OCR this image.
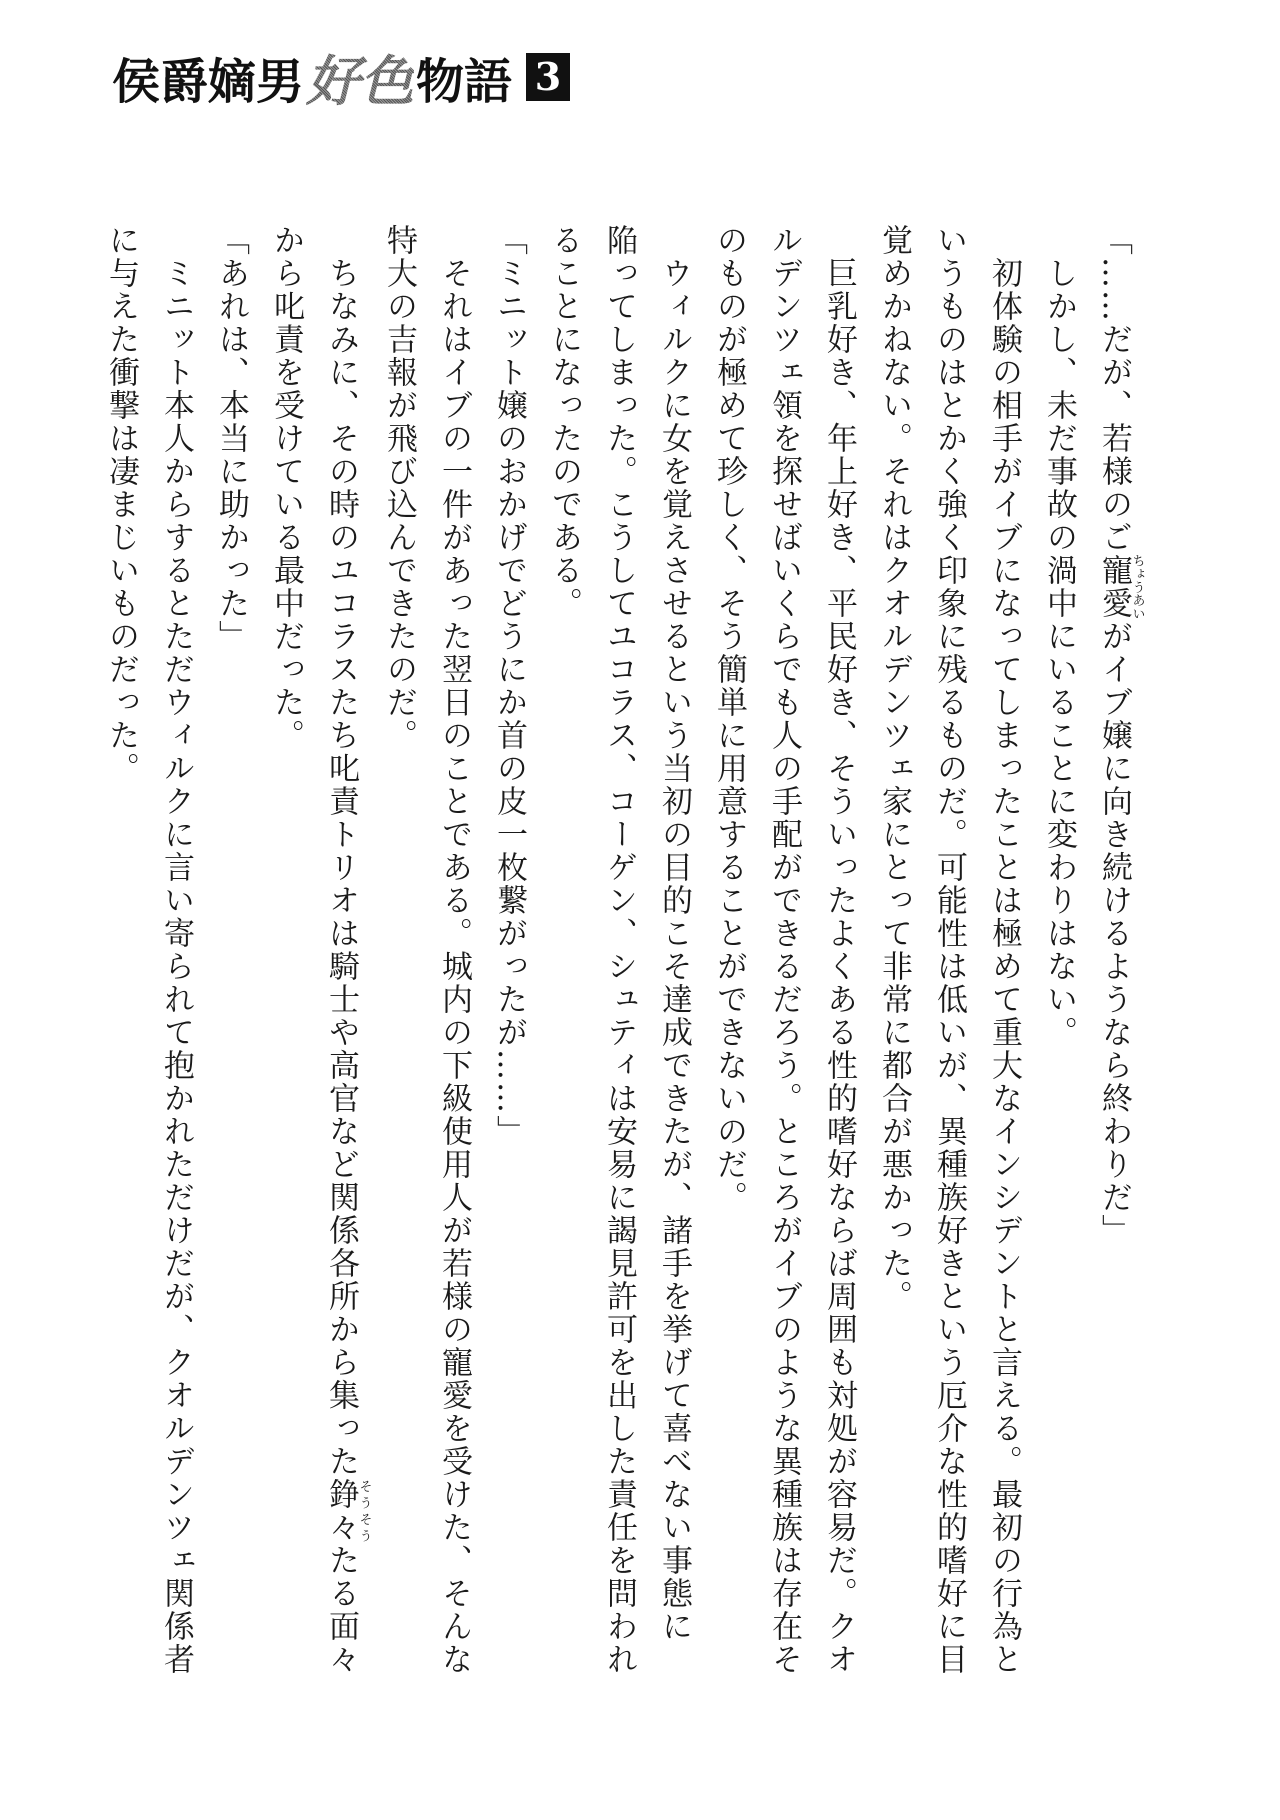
侯爵嫡男 好色 物語 3
「……だが、若様のご寵愛ちょうあいがイブ嬢に向き続けるようなら終わりだ」
　しかし、未だ事故の渦中にいることに変わりはない。
　初体験の相手がイブになってしまったことは極めて重大なインシデントと言える。最初の行為と
いうものはとかく強く印象に残るものだ。可能性は低いが、異種族好きという厄介な性的嗜好に目
覚めかねない。それはクオルデンツェ家にとって非常に都合が悪かった。
　巨乳好き、年上好き、平民好き、そういったよくある性的嗜好ならば周囲も対処が容易だ。クオ
ルデンツェ領を探せばいくらでも人の手配ができるだろう。ところがイブのような異種族は存在そ
のものが極めて珍しく、そう簡単に用意することができないのだ。
　ウィルクに女を覚えさせるという当初の目的こそ達成できたが、諸手を挙げて喜べない事態に
陥ってしまった。こうしてユコラス、コーゲン、シュティは安易に謁見許可を出した責任を問われ
ることになったのである。
「ミニット嬢のおかげでどうにか首の皮一枚繋がったが……」
　それはイブの一件があった翌日のことである。城内の下級使用人が若様の寵愛を受けた、そんな
特大の吉報が飛び込んできたのだ。
　ちなみに、その時のユコラスたち叱責トリオは騎士や高官など関係各所から集った錚々そうそうたる面々
から叱責を受けている最中だった。
「あれは、本当に助かった」
　ミニット本人からするとただウィルクに言い寄られて抱かれただけだが、クオルデンツェ関係者
に与えた衝撃は凄まじいものだった。
